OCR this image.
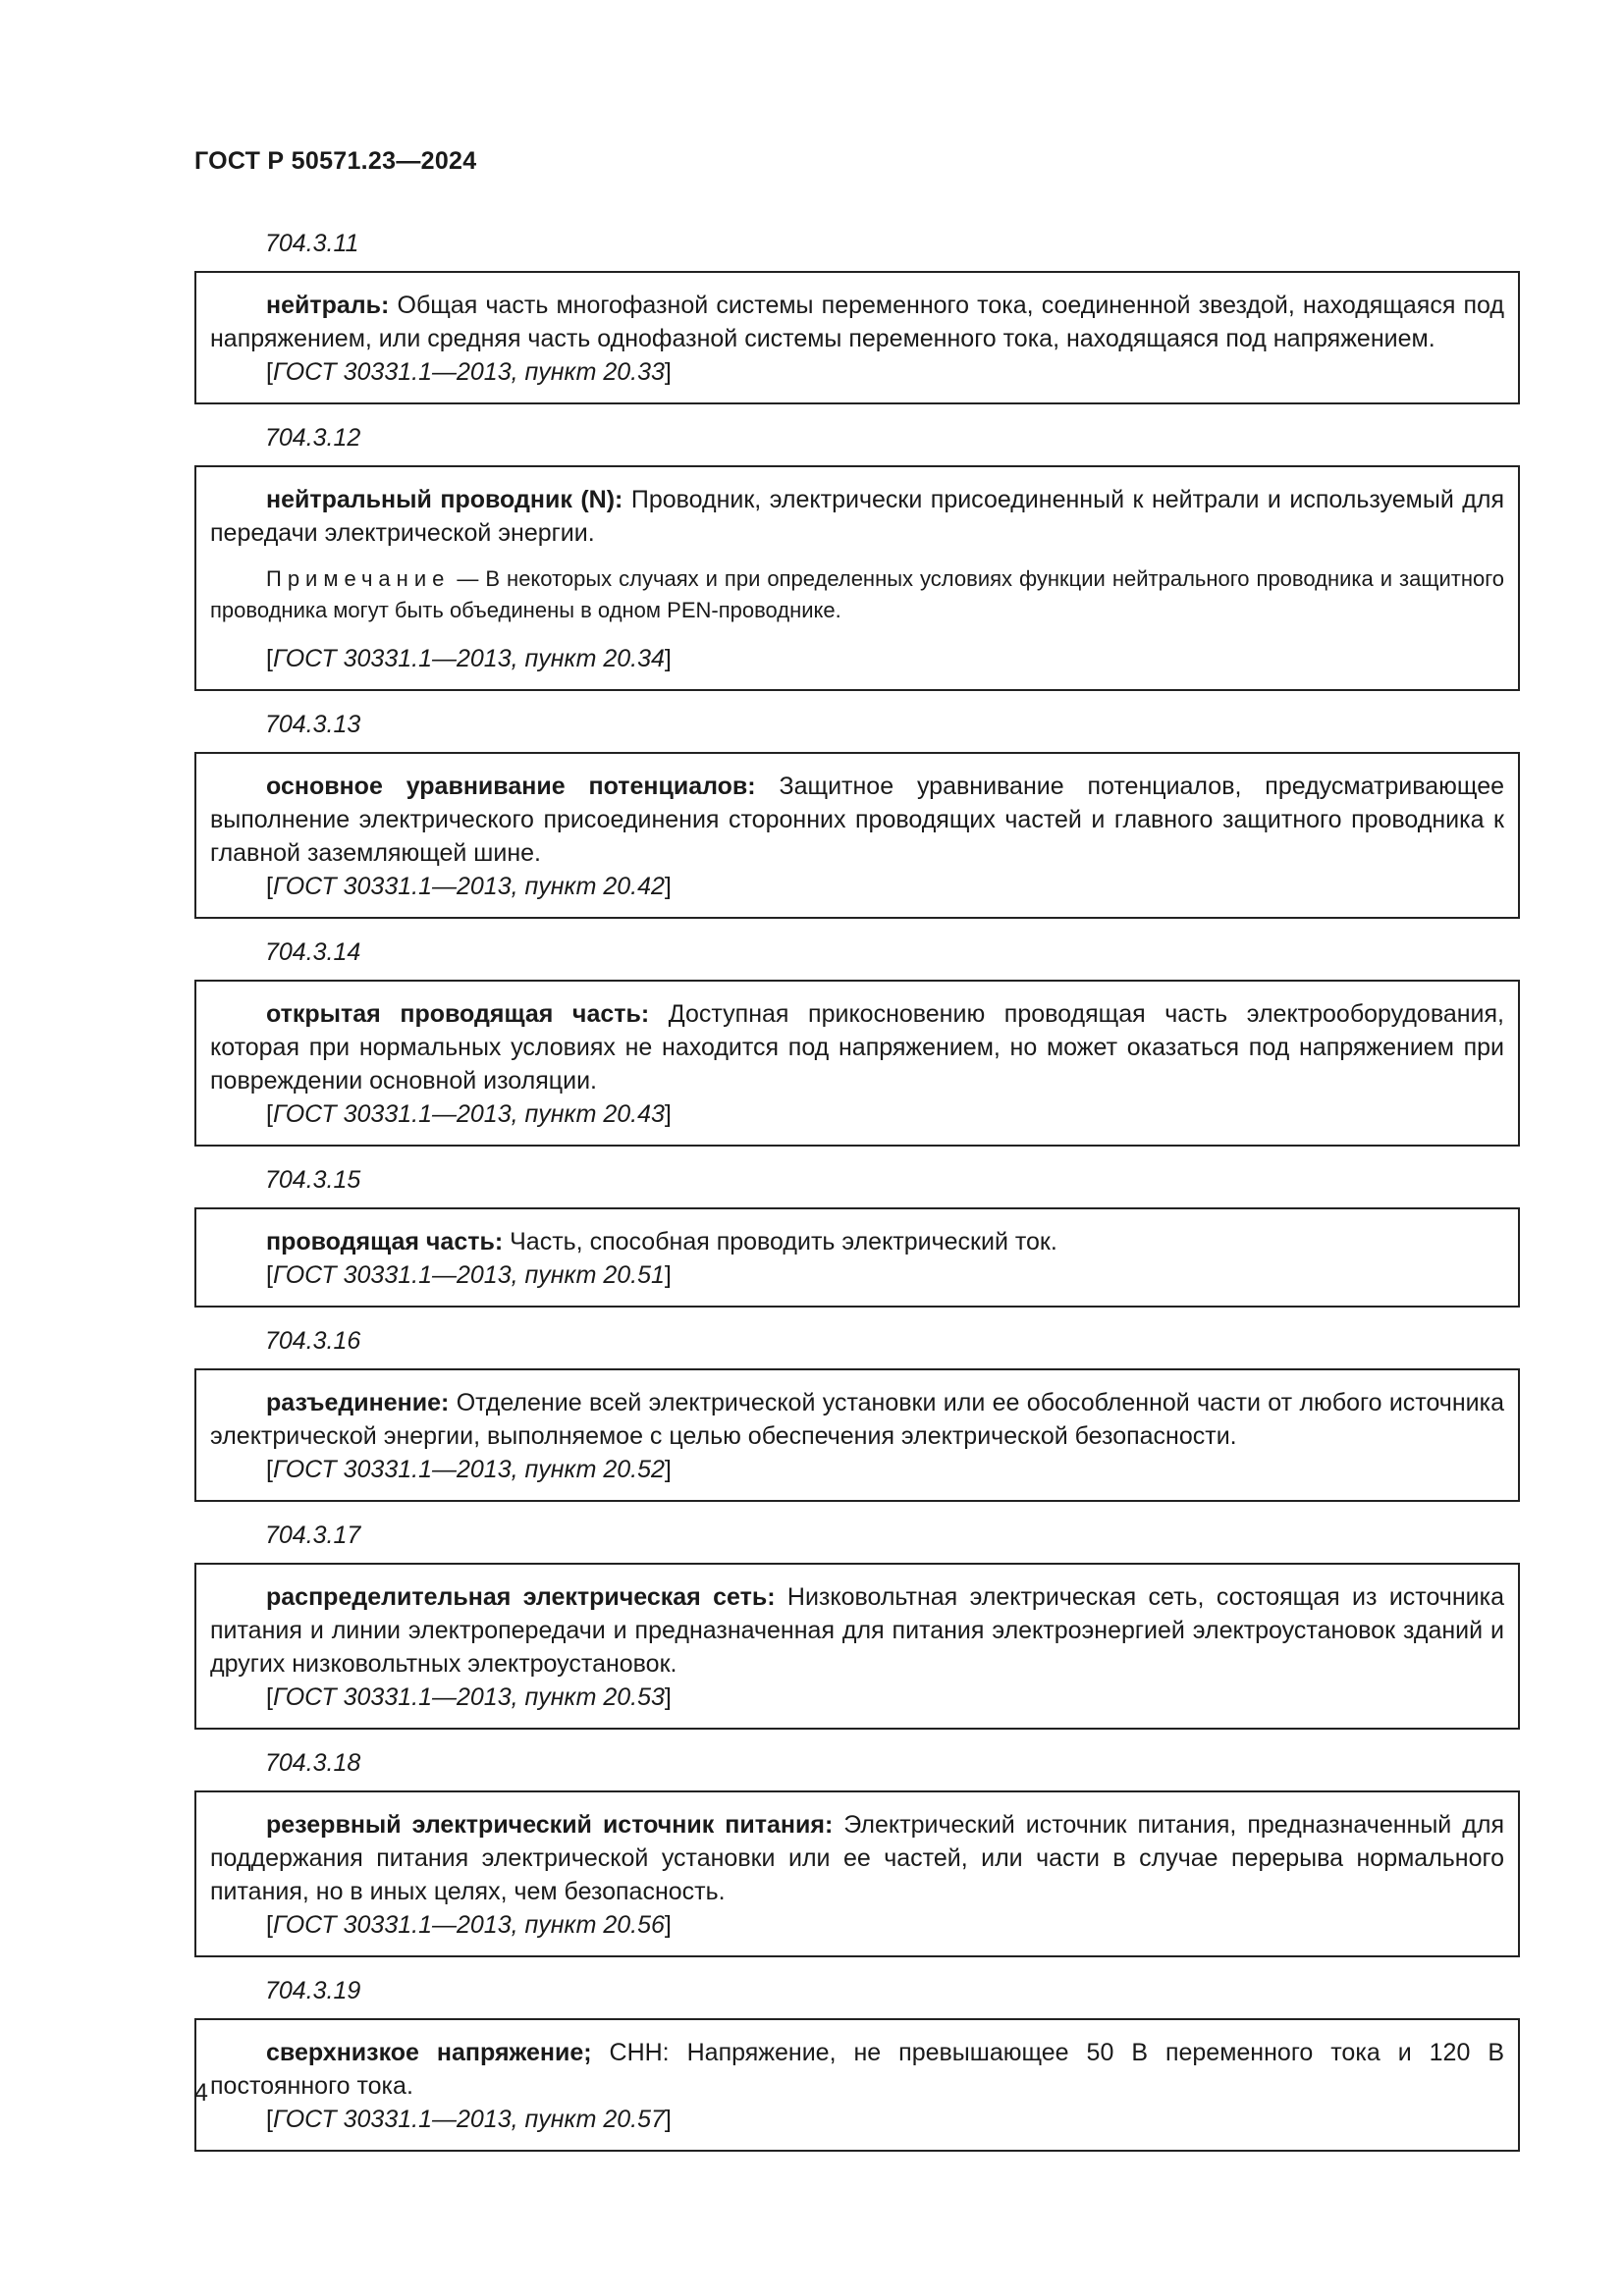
ГОСТ Р 50571.23—2024
704.3.11

нейтраль: Общая часть многофазной системы переменного тока, соединенной звездой, находящаяся под напряжением, или средняя часть однофазной системы переменного тока, находящаяся под напряжением.

[ГОСТ 30331.1—2013, пункт 20.33]

704.3.12

нейтральный проводник (N): Проводник, электрически присоединенный к нейтрали и используемый для передачи электрической энергии.

Примечание — В некоторых случаях и при определенных условиях функции нейтрального проводника и защитного проводника могут быть объединены в одном PEN-проводнике.

[ГОСТ 30331.1—2013, пункт 20.34]

704.3.13

основное уравнивание потенциалов: Защитное уравнивание потенциалов, предусматривающее выполнение электрического присоединения сторонних проводящих частей и главного защитного проводника к главной заземляющей шине.

[ГОСТ 30331.1—2013, пункт 20.42]

704.3.14

открытая проводящая часть: Доступная прикосновению проводящая часть электрооборудования, которая при нормальных условиях не находится под напряжением, но может оказаться под напряжением при повреждении основной изоляции.

[ГОСТ 30331.1—2013, пункт 20.43]

704.3.15

проводящая часть: Часть, способная проводить электрический ток.

[ГОСТ 30331.1—2013, пункт 20.51]

704.3.16

разъединение: Отделение всей электрической установки или ее обособленной части от любого источника электрической энергии, выполняемое с целью обеспечения электрической безопасности.

[ГОСТ 30331.1—2013, пункт 20.52]

704.3.17

распределительная электрическая сеть: Низковольтная электрическая сеть, состоящая из источника питания и линии электропередачи и предназначенная для питания электроэнергией электроустановок зданий и других низковольтных электроустановок.

[ГОСТ 30331.1—2013, пункт 20.53]

704.3.18

резервный электрический источник питания: Электрический источник питания, предназначенный для поддержания питания электрической установки или ее частей, или части в случае перерыва нормального питания, но в иных целях, чем безопасность.

[ГОСТ 30331.1—2013, пункт 20.56]

704.3.19

сверхнизкое напряжение; СНН: Напряжение, не превышающее 50 В переменного тока и 120 В постоянного тока.

[ГОСТ 30331.1—2013, пункт 20.57]

4
